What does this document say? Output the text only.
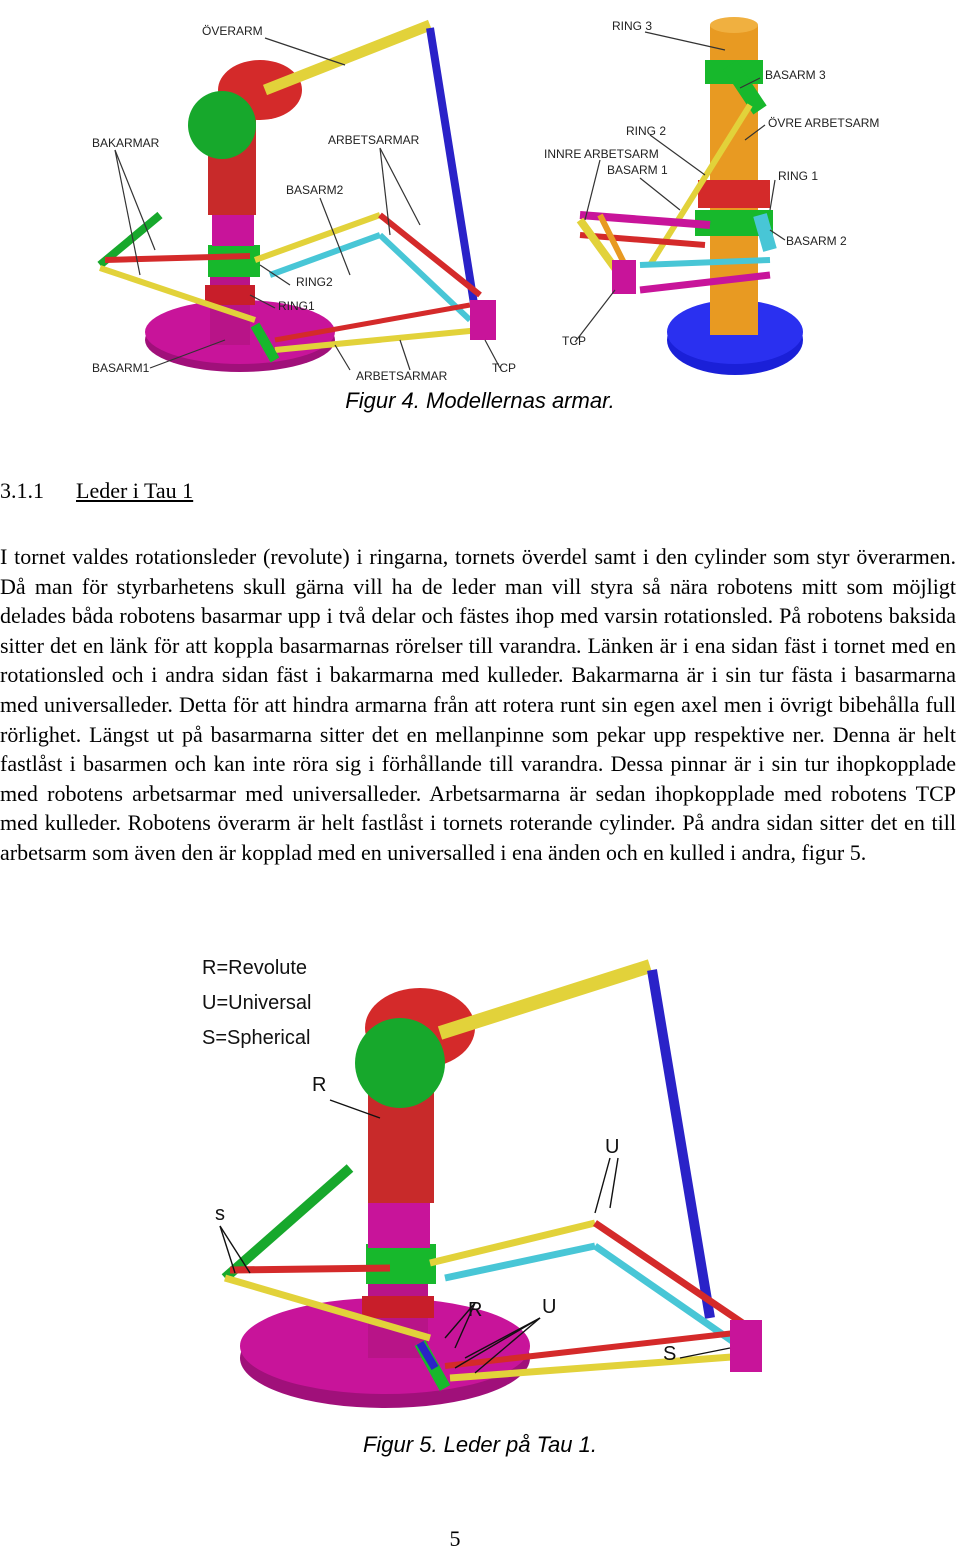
ÖVERARM
BAKARMAR	ARBETSARMAR
BASARM2
RING2
RING1
BASARM1
ARBETSARMAR
TCP
RING 3
BASARM 3
ÖVRE ARBETSARM
RING 2
INNRE ARBETSARM
BASARM 1	RING 1
BASARM 2
TCP
Figur 4. Modellernas armar.
3.1.1 Leder i Tau 1

I tornet valdes rotationsleder (revolute) i ringarna, tornets överdel samt i den cylinder som styr överarmen. Då man för styrbarhetens skull gärna vill ha de leder man vill styra så nära robotens mitt som möjligt delades båda robotens basarmar upp i två delar och fästes ihop med varsin rotationsled. På robotens baksida sitter det en länk för att koppla basarmarnas rörelser till varandra. Länken är i ena sidan fäst i tornet med en rotationsled och i andra sidan fäst i bakarmarna med kulleder. Bakarmarna är i sin tur fästa i basarmarna med universalleder. Detta för att hindra armarna från att rotera runt sin egen axel men i övrigt bibehålla full rörlighet. Längst ut på basarmarna sitter det en mellanpinne som pekar upp respektive ner. Denna är helt fastlåst i basarmen och kan inte röra sig i förhållande till varandra. Dessa pinnar är i sin tur ihopkopplade med robotens arbetsarmar med universalleder. Arbetsarmarna är sedan ihopkopplade med robotens TCP med kulleder. Robotens överarm är helt fastlåst i tornets roterande cylinder. På andra sidan sitter det en till arbetsarm som även den är kopplad med en universalled i ena änden och en kulled i andra, figur 5.

R=Revolute
U=Universal
S=Spherical
R
U
s
R	U
S
Figur 5. Leder på Tau 1.
5
